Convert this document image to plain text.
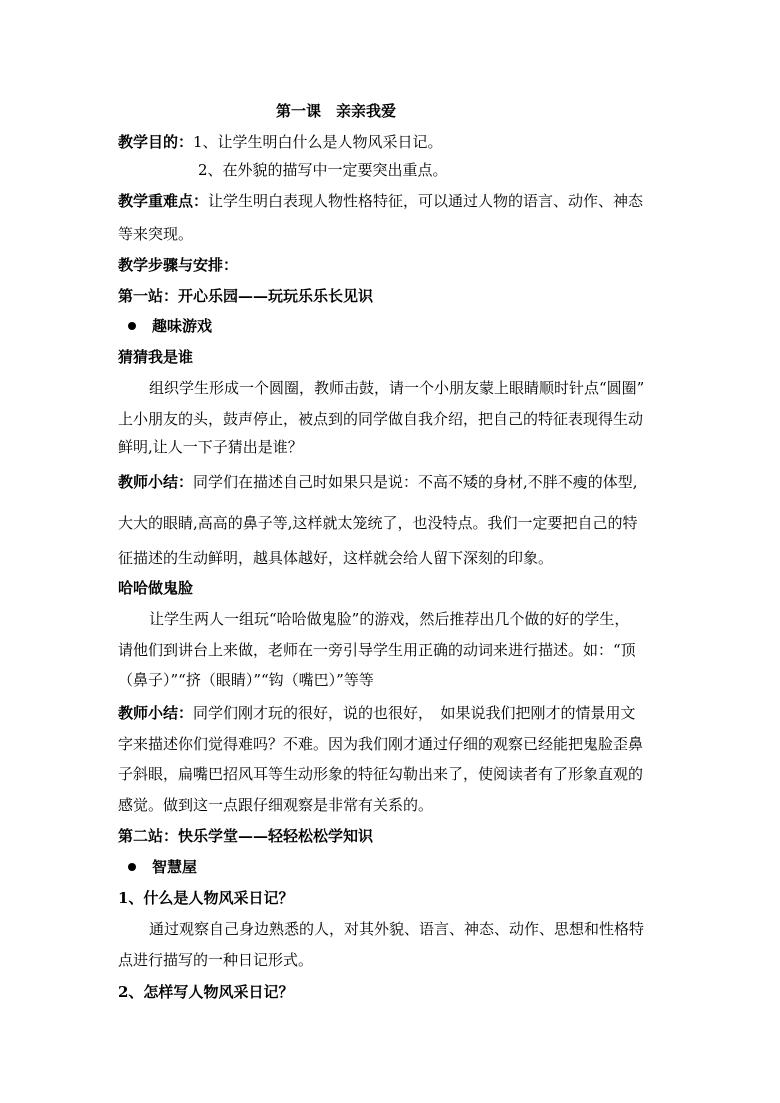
第一课　亲亲我爱
教学目的：1、让学生明白什么是人物风采日记。
2、在外貌的描写中一定要突出重点。
教学重难点：让学生明白表现人物性格特征，可以通过人物的语言、动作、神态
等来突现。
教学步骤与安排：
第一站：开心乐园——玩玩乐乐长见识
趣味游戏
猜猜我是谁
组织学生形成一个圆圈，教师击鼓，请一个小朋友蒙上眼睛顺时针点“圆圈”
上小朋友的头，鼓声停止，被点到的同学做自我介绍，把自己的特征表现得生动
鲜明,让人一下子猜出是谁？
教师小结：同学们在描述自己时如果只是说：不高不矮的身材,不胖不瘦的体型,
大大的眼睛,高高的鼻子等,这样就太笼统了，也没特点。我们一定要把自己的特
征描述的生动鲜明，越具体越好，这样就会给人留下深刻的印象。
哈哈做鬼脸
让学生两人一组玩“哈哈做鬼脸”的游戏，然后推荐出几个做的好的学生，
请他们到讲台上来做，老师在一旁引导学生用正确的动词来进行描述。如：“顶
（鼻子）”“挤（眼睛）”“钩（嘴巴）”等等
教师小结：同学们刚才玩的很好，说的也很好，　如果说我们把刚才的情景用文
字来描述你们觉得难吗？不难。因为我们刚才通过仔细的观察已经能把鬼脸歪鼻
子斜眼，扁嘴巴招风耳等生动形象的特征勾勒出来了，使阅读者有了形象直观的
感觉。做到这一点跟仔细观察是非常有关系的。
第二站：快乐学堂——轻轻松松学知识
智慧屋
1、什么是人物风采日记？
通过观察自己身边熟悉的人，对其外貌、语言、神态、动作、思想和性格特
点进行描写的一种日记形式。
2、怎样写人物风采日记？
